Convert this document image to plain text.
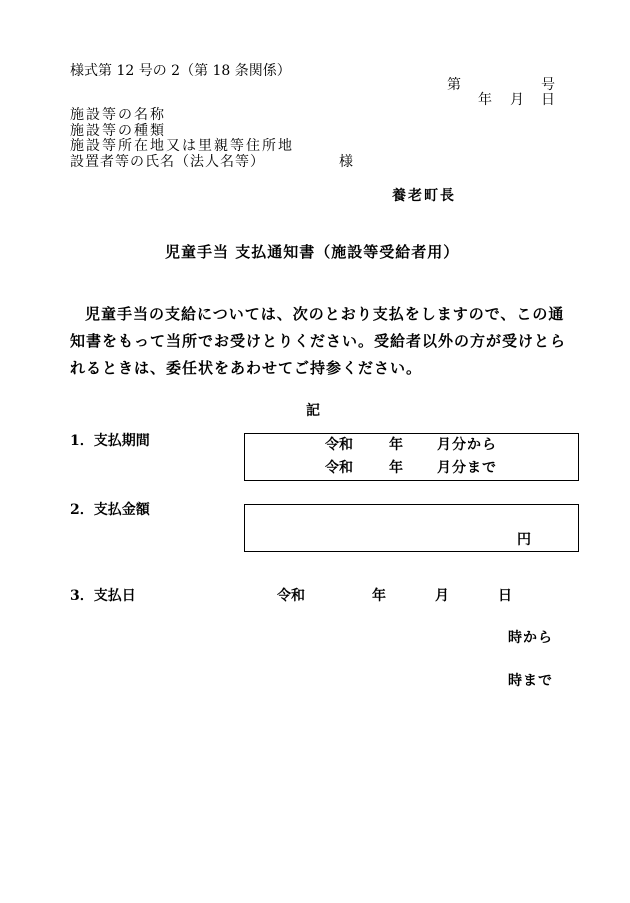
様式第 12 号の 2（第 18 条関係）
第	号
年 月 日
施設等の名称
施設等の種類
施設等所在地又は里親等住所地
設置者等の氏名（法人名等）	様
養老町長
児童手当 支払通知書（施設等受給者用）
児童手当の支給については、次のとおり支払をしますので、この通知書をもって当所でお受けとりください。受給者以外の方が受けとられるときは、委任状をあわせてご持参ください。
記
1．支払期間	令和	年 月分から
令和	年 月分まで
2．支払金額
円
3．支払日	令和	年	月	日
時から
時まで
